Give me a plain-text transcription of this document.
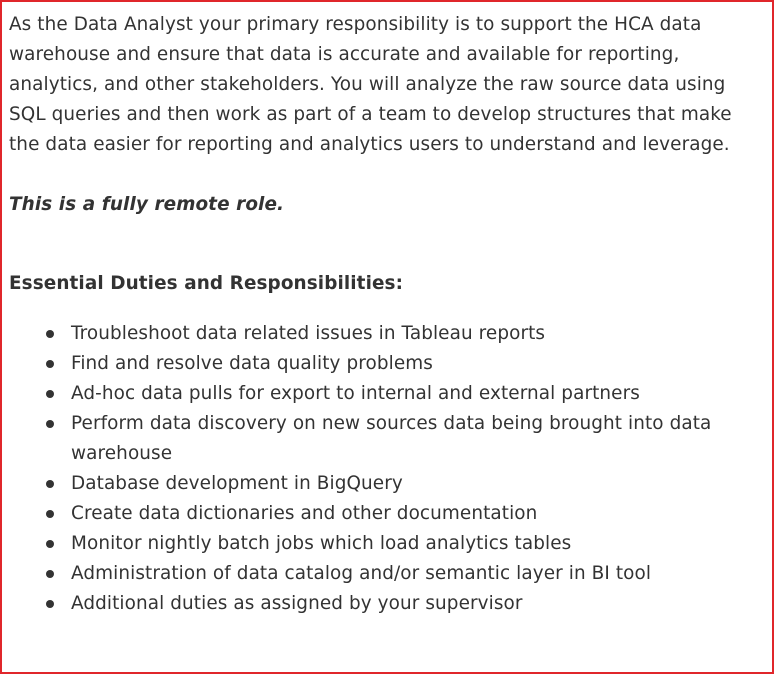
As the Data Analyst your primary responsibility is to support the HCA data warehouse and ensure that data is accurate and available for reporting, analytics, and other stakeholders. You will analyze the raw source data using SQL queries and then work as part of a team to develop structures that make the data easier for reporting and analytics users to understand and leverage.

This is a fully remote role.

Essential Duties and Responsibilities:

Troubleshoot data related issues in Tableau reports
Find and resolve data quality problems
Ad-hoc data pulls for export to internal and external partners
Perform data discovery on new sources data being brought into data warehouse
Database development in BigQuery
Create data dictionaries and other documentation
Monitor nightly batch jobs which load analytics tables
Administration of data catalog and/or semantic layer in BI tool
Additional duties as assigned by your supervisor
